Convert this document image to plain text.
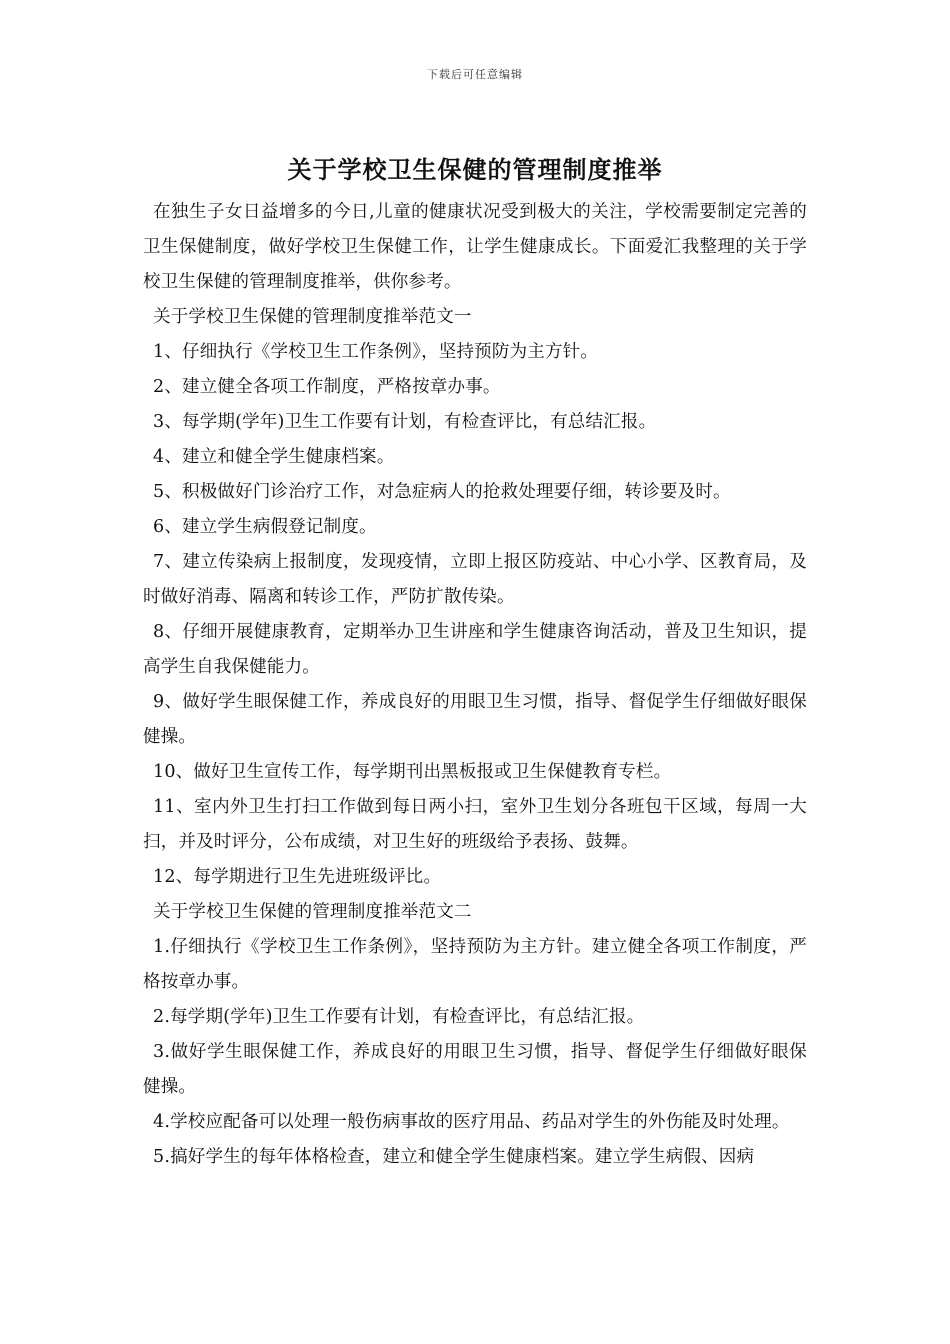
下载后可任意编辑
关于学校卫生保健的管理制度推举

在独生子女日益增多的今日,儿童的健康状况受到极大的关注，学校需要制定完善的卫生保健制度，做好学校卫生保健工作，让学生健康成长。下面爱汇我整理的关于学校卫生保健的管理制度推举，供你参考。

关于学校卫生保健的管理制度推举范文一

1、仔细执行《学校卫生工作条例》，坚持预防为主方针。

2、建立健全各项工作制度，严格按章办事。

3、每学期(学年)卫生工作要有计划，有检查评比，有总结汇报。

4、建立和健全学生健康档案。

5、积极做好门诊治疗工作，对急症病人的抢救处理要仔细，转诊要及时。

6、建立学生病假登记制度。

7、建立传染病上报制度，发现疫情，立即上报区防疫站、中心小学、区教育局，及时做好消毒、隔离和转诊工作，严防扩散传染。

8、仔细开展健康教育，定期举办卫生讲座和学生健康咨询活动，普及卫生知识，提高学生自我保健能力。

9、做好学生眼保健工作，养成良好的用眼卫生习惯，指导、督促学生仔细做好眼保健操。

10、做好卫生宣传工作，每学期刊出黑板报或卫生保健教育专栏。

11、室内外卫生打扫工作做到每日两小扫，室外卫生划分各班包干区域，每周一大扫，并及时评分，公布成绩，对卫生好的班级给予表扬、鼓舞。

12、每学期进行卫生先进班级评比。

关于学校卫生保健的管理制度推举范文二

1.仔细执行《学校卫生工作条例》，坚持预防为主方针。建立健全各项工作制度，严格按章办事。

2.每学期(学年)卫生工作要有计划，有检查评比，有总结汇报。

3.做好学生眼保健工作，养成良好的用眼卫生习惯，指导、督促学生仔细做好眼保健操。

4.学校应配备可以处理一般伤病事故的医疗用品、药品对学生的外伤能及时处理。

5.搞好学生的每年体格检查，建立和健全学生健康档案。建立学生病假、因病
